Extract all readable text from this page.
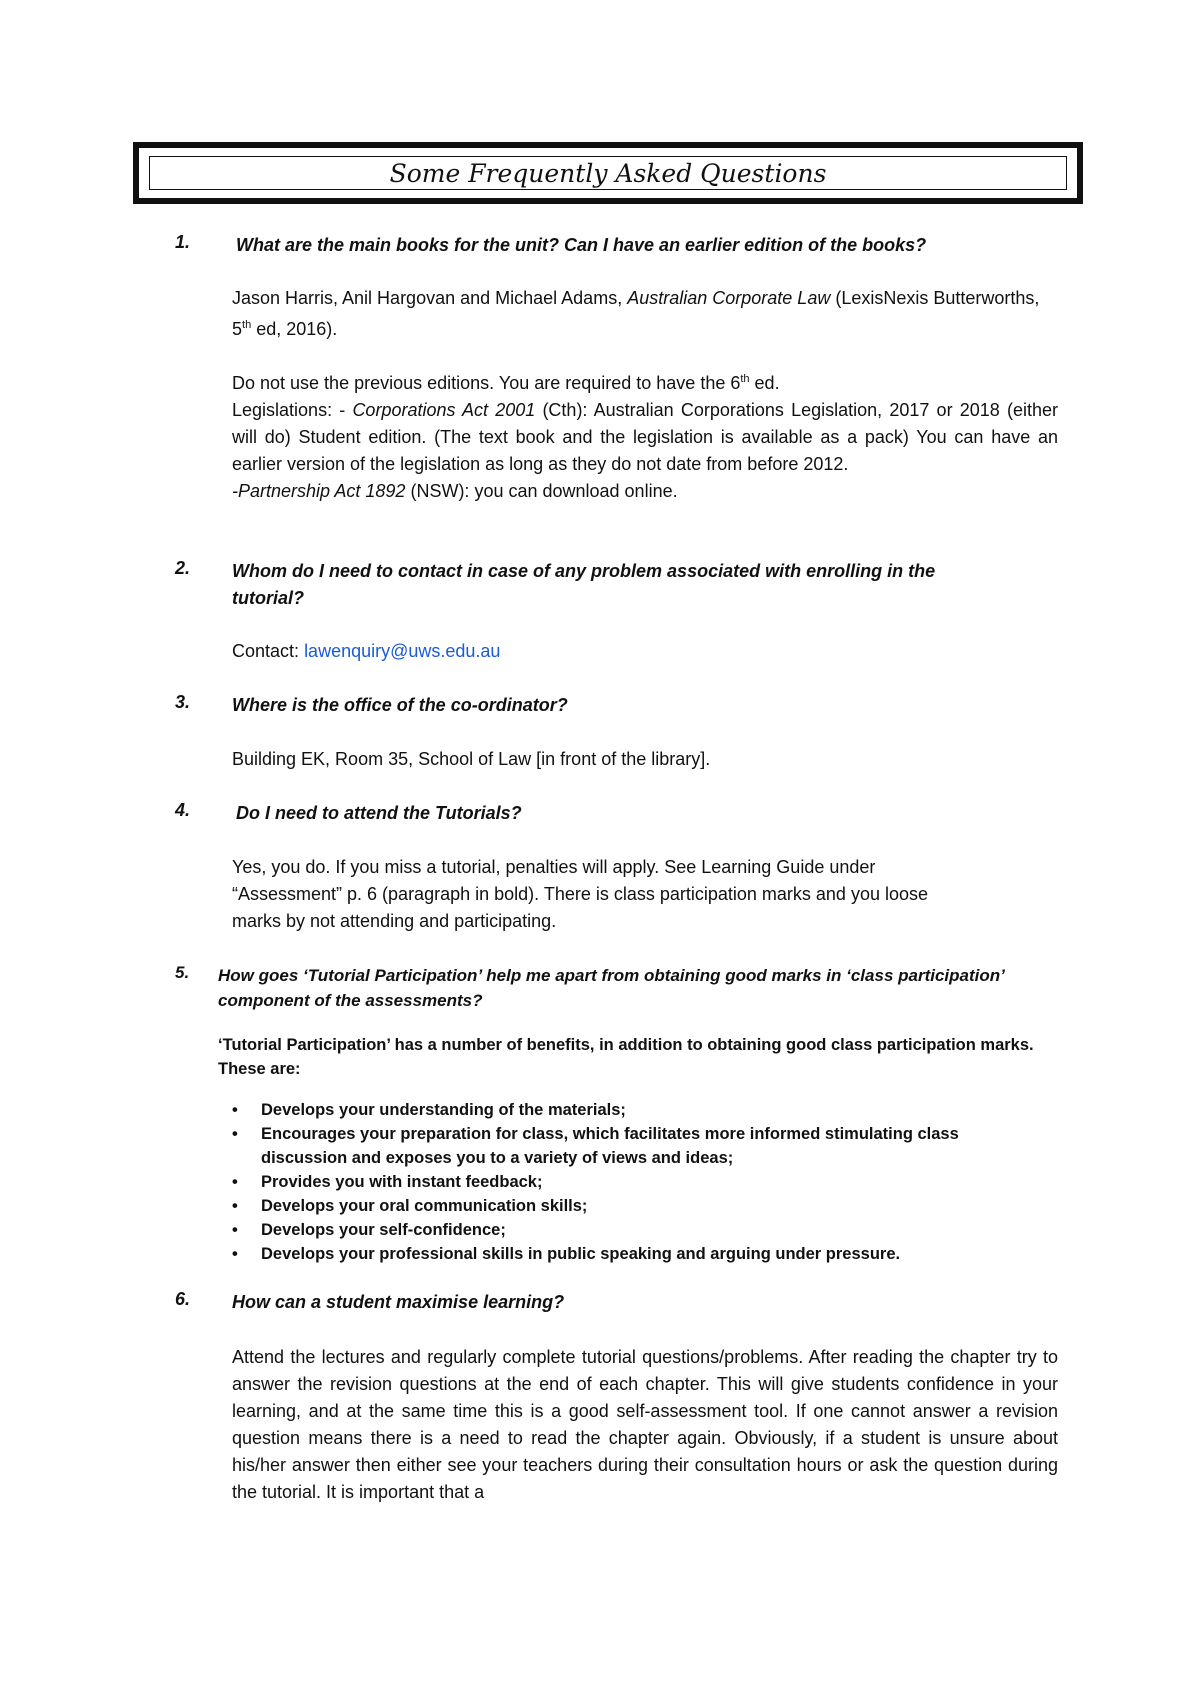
Some Frequently Asked Questions
1.	What are the main books for the unit? Can I have an earlier edition of the books?
Jason Harris, Anil Hargovan and Michael Adams, Australian Corporate Law (LexisNexis Butterworths, 5th ed, 2016).
Do not use the previous editions. You are required to have the 6th ed.
Legislations: - Corporations Act 2001 (Cth): Australian Corporations Legislation, 2017 or 2018 (either will do) Student edition. (The text book and the legislation is available as a pack) You can have an earlier version of the legislation as long as they do not date from before 2012.
-Partnership Act 1892 (NSW): you can download online.
2. Whom do I need to contact in case of any problem associated with enrolling in the tutorial?
Contact: lawenquiry@uws.edu.au
3. Where is the office of the co-ordinator?
Building EK, Room 35, School of Law [in front of the library].
4.	Do I need to attend the Tutorials?
Yes, you do. If you miss a tutorial, penalties will apply. See Learning Guide under
“Assessment” p. 6 (paragraph in bold). There is class participation marks and you loose
marks by not attending and participating.
5. How goes ‘Tutorial Participation’ help me apart from obtaining good marks in ‘class participation’ component of the assessments?
‘Tutorial Participation’ has a number of benefits, in addition to obtaining good class participation marks. These are:
• Develops your understanding of the materials;
• Encourages your preparation for class, which facilitates more informed stimulating class discussion and exposes you to a variety of views and ideas;
• Provides you with instant feedback;
• Develops your oral communication skills;
• Develops your self-confidence;
• Develops your professional skills in public speaking and arguing under pressure.
6. How can a student maximise learning?
Attend the lectures and regularly complete tutorial questions/problems. After reading the chapter try to answer the revision questions at the end of each chapter. This will give students confidence in your learning, and at the same time this is a good self-assessment tool. If one cannot answer a revision question means there is a need to read the chapter again. Obviously, if a student is unsure about his/her answer then either see your teachers during their consultation hours or ask the question during the tutorial. It is important that a
